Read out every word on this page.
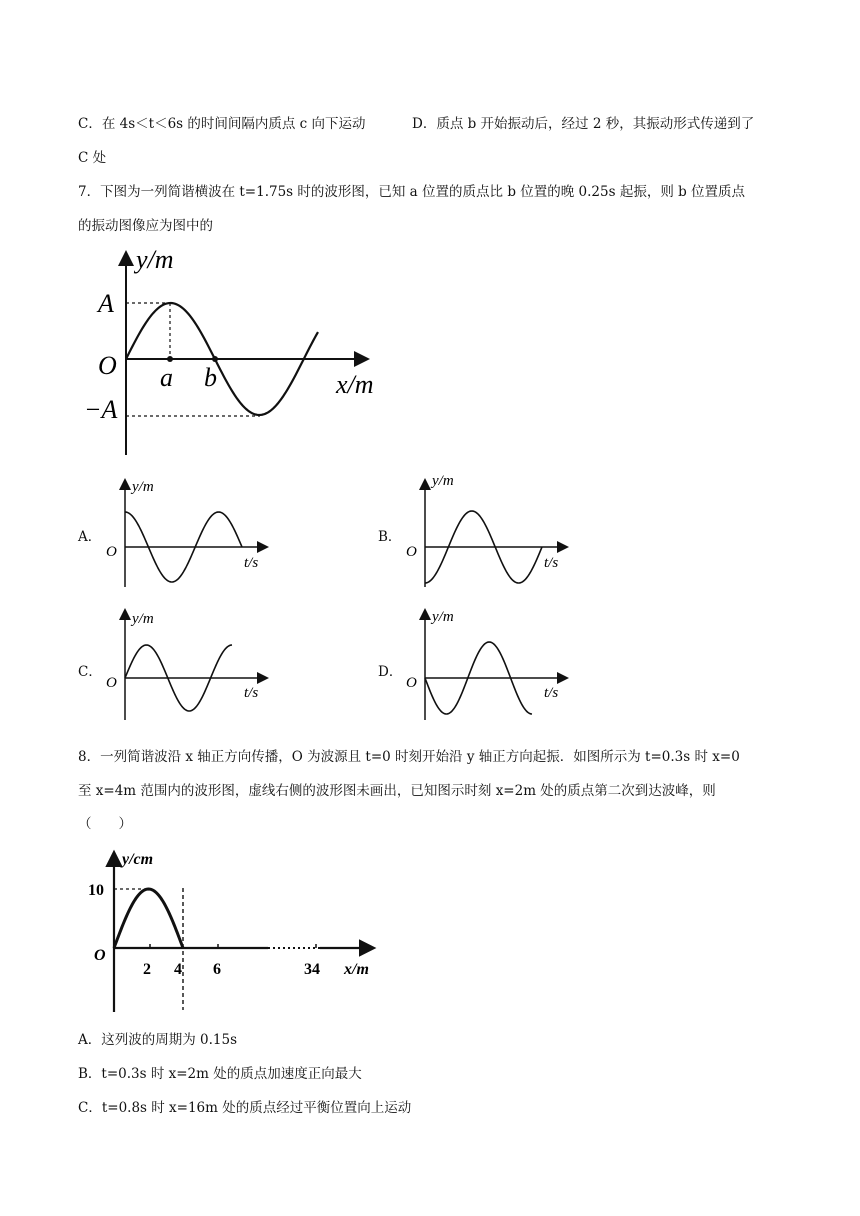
C．在 4s＜t＜6s 的时间间隔内质点 c 向下运动	D．质点 b 开始振动后，经过 2 秒，其振动形式传递到了
C 处
7．下图为一列简谐横波在 t=1.75s 时的波形图，已知 a 位置的质点比 b 位置的晚 0.25s 起振，则 b 位置质点
的振动图像应为图中的
y/m
x/m
A
−A
O a b
A．
y/m
t/s
O
B．
y/m
t/s
O
C．
y/m
t/s
O
D．
y/m
t/s
O
8．一列简谐波沿 x 轴正方向传播，O 为波源且 t=0 时刻开始沿 y 轴正方向起振．如图所示为 t=0.3s 时 x=0
至 x=4m 范围内的波形图，虚线右侧的波形图未画出，已知图示时刻 x=2m 处的质点第二次到达波峰，则
（　　）
y/cm
x/m
10
O
2 4 6	34
A．这列波的周期为 0.15s
B．t=0.3s 时 x=2m 处的质点加速度正向最大
C．t=0.8s 时 x=16m 处的质点经过平衡位置向上运动
